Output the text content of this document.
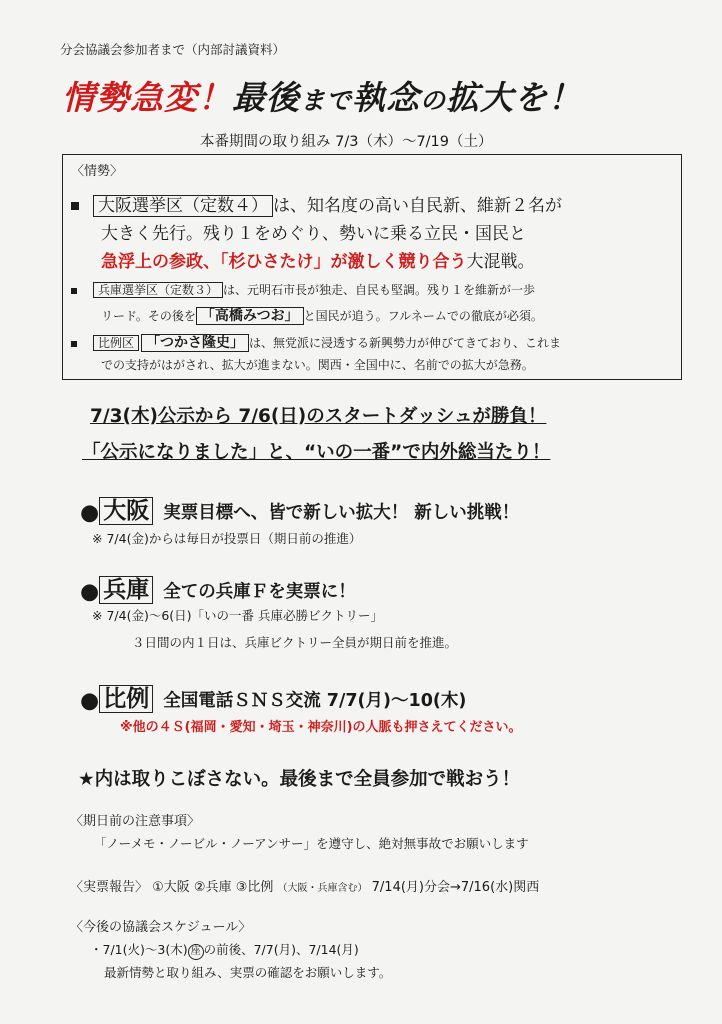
分会協議会参加者まで（内部討議資料）
情勢急変！最後まで執念の拡大を！
本番期間の取り組み 7/3（木）～7/19（土）
〈情勢〉
大阪選挙区（定数４） は、知名度の高い自民新、維新２名が
大きく先行。残り１をめぐり、勢いに乗る立民・国民と
急浮上の参政、「杉ひさたけ」が激しく競り合う大混戦。
兵庫選挙区（定数３） は、元明石市長が独走、自民も堅調。残り１を維新が一歩
リード。その後を 「高橋みつお」 と国民が追う。フルネームでの徹底が必須。
比例区 「つかさ隆史」 は、無党派に浸透する新興勢力が伸びてきており、これま
での支持がはがされ、拡大が進まない。関西・全国中に、名前での拡大が急務。
7/3(木)公示から 7/6(日)のスタートダッシュが勝負！
「公示になりました」と、“いの一番”で内外総当たり！
● 大阪 実票目標へ、皆で新しい拡大！ 新しい挑戦！
※ 7/4(金)からは毎日が投票日（期日前の推進）
● 兵庫 全ての兵庫Ｆを実票に！
※ 7/4(金)～6(日)「いの一番 兵庫必勝ビクトリー」
３日間の内１日は、兵庫ビクトリー全員が期日前を推進。
● 比例 全国電話ＳＮＳ交流 7/7(月)～10(木)
※他の４Ｓ(福岡・愛知・埼玉・神奈川)の人脈も押さえてください。
★内は取りこぼさない。最後まで全員参加で戦おう！
〈期日前の注意事項〉
「ノーメモ・ノービル・ノーアンサー」を遵守し、絶対無事故でお願いします
〈実票報告〉 ①大阪 ②兵庫 ③比例 （大阪・兵庫含む） 7/14(月)分会→7/16(水)関西
〈今後の協議会スケジュール〉
・7/1(火)～3(木) 座 の前後、7/7(月)、7/14(月)
最新情勢と取り組み、実票の確認をお願いします。
